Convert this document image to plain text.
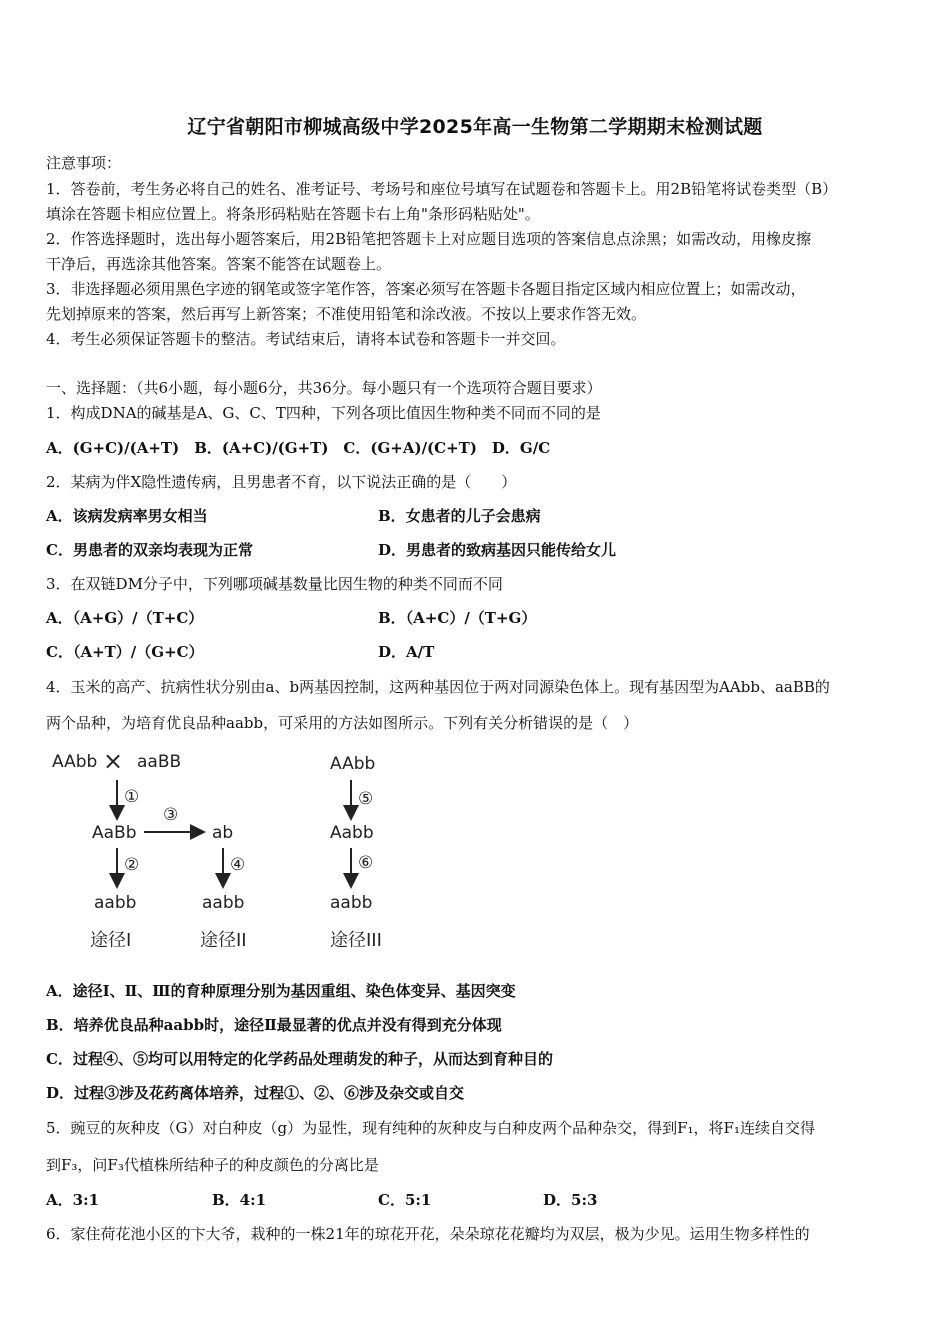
辽宁省朝阳市柳城高级中学2025年高一生物第二学期期末检测试题
注意事项：
1．答卷前，考生务必将自己的姓名、准考证号、考场号和座位号填写在试题卷和答题卡上。用2B铅笔将试卷类型（B）
填涂在答题卡相应位置上。将条形码粘贴在答题卡右上角"条形码粘贴处"。
2．作答选择题时，选出每小题答案后，用2B铅笔把答题卡上对应题目选项的答案信息点涂黑；如需改动，用橡皮擦
干净后，再选涂其他答案。答案不能答在试题卷上。
3．非选择题必须用黑色字迹的钢笔或签字笔作答，答案必须写在答题卡各题目指定区域内相应位置上；如需改动，
先划掉原来的答案，然后再写上新答案；不准使用铅笔和涂改液。不按以上要求作答无效。
4．考生必须保证答题卡的整洁。考试结束后，请将本试卷和答题卡一并交回。
一、选择题：（共6小题，每小题6分，共36分。每小题只有一个选项符合题目要求）
1．构成DNA的碱基是A、G、C、T四种，下列各项比值因生物种类不同而不同的是
A．(G+C)/(A+T)　B．(A+C)/(G+T)　C．(G+A)/(C+T)　D．G/C
2．某病为伴X隐性遗传病，且男患者不育，以下说法正确的是（　　）
A．该病发病率男女相当	B．女患者的儿子会患病
C．男患者的双亲均表现为正常	D．男患者的致病基因只能传给女儿
3．在双链DM分子中，下列哪项碱基数量比因生物的种类不同而不同
A．（A+G）/（T+C）	B．（A+C）/（T+G）
C．（A+T）/（G+C）	D．A/T
4．玉米的高产、抗病性状分别由a、b两基因控制，这两种基因位于两对同源染色体上。现有基因型为AAbb、aaBB的
两个品种，为培育优良品种aabb，可采用的方法如图所示。下列有关分析错误的是（　）
AAbb × aaBB
①
AaBb
③
ab
②	④
aabb	aabb
途径I	途径II
AAbb
⑤
Aabb
⑥
aabb
途径III
A．途径Ⅰ、Ⅱ、Ⅲ的育种原理分别为基因重组、染色体变异、基因突变
B．培养优良品种aabb时，途径Ⅱ最显著的优点并没有得到充分体现
C．过程④、⑤均可以用特定的化学药品处理萌发的种子，从而达到育种目的
D．过程③涉及花药离体培养，过程①、②、⑥涉及杂交或自交
5．豌豆的灰种皮（G）对白种皮（g）为显性，现有纯种的灰种皮与白种皮两个品种杂交，得到F₁，将F₁连续自交得
到F₃，问F₃代植株所结种子的种皮颜色的分离比是
A．3:1	B．4:1	C．5:1	D．5:3
6．家住荷花池小区的卞大爷，栽种的一株21年的琼花开花，朵朵琼花花瓣均为双层，极为少见。运用生物多样性的
